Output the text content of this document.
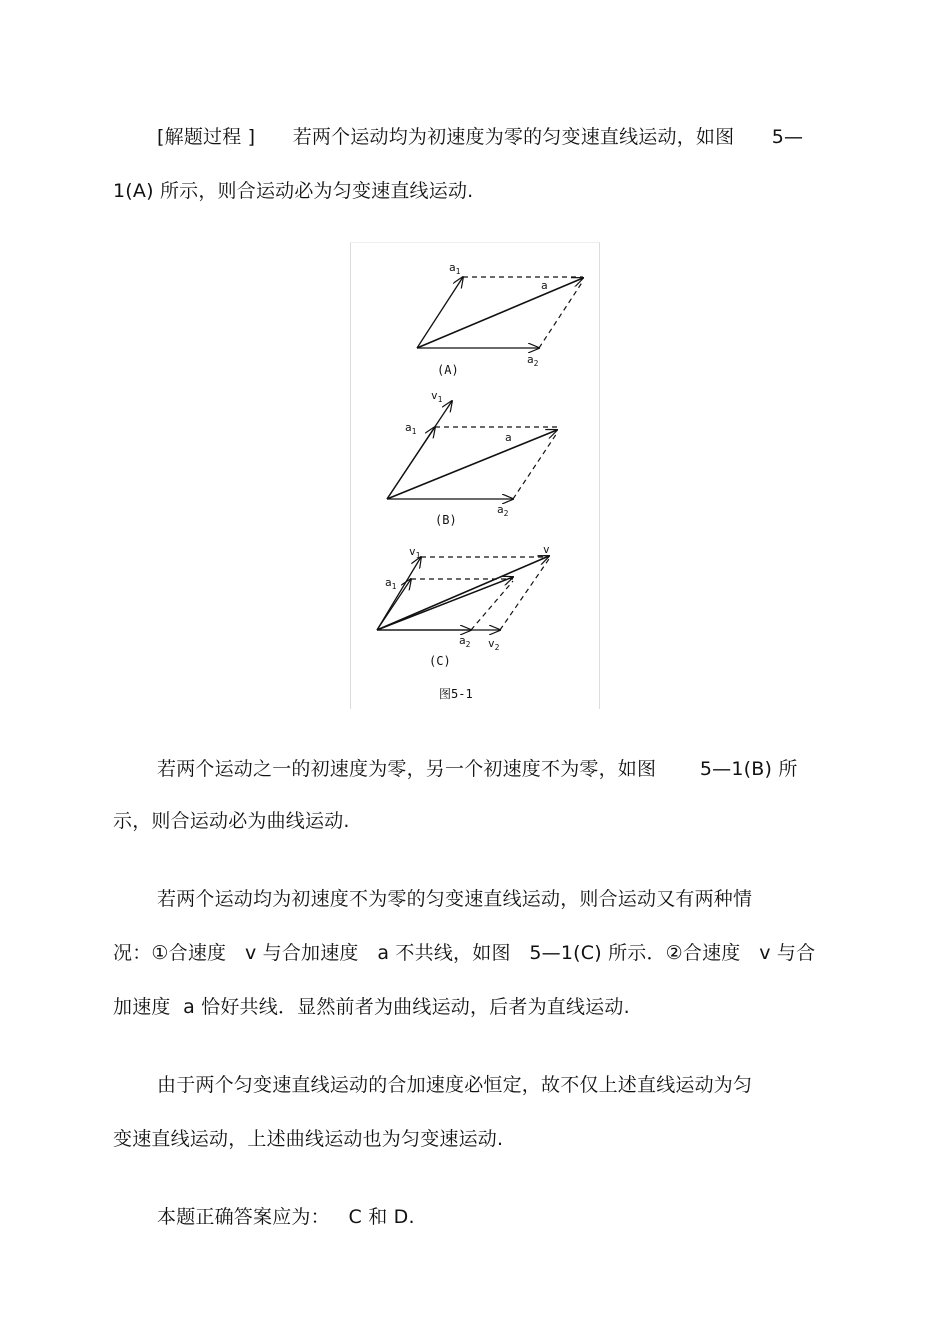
[解题过程 ]      若两个运动均为初速度为零的匀变速直线运动，如图      5—
1(A) 所示，则合运动必为匀变速直线运动.
$a_1$
a
$a_2$
(A)
$v_1$
$a_1$	a
$a_2$
(B)
$v_1$
$a_1$
v
$a_2$ $v_2$
(C)
图5-1
若两个运动之一的初速度为零，另一个初速度不为零，如图       5—1(B) 所
示，则合运动必为曲线运动.
若两个运动均为初速度不为零的匀变速直线运动，则合运动又有两种情
况：①合速度   v 与合加速度   a 不共线，如图   5—1(C) 所示．②合速度   v 与合
加速度  a 恰好共线．显然前者为曲线运动，后者为直线运动.
由于两个匀变速直线运动的合加速度必恒定，故不仅上述直线运动为匀
变速直线运动，上述曲线运动也为匀变速运动.
本题正确答案应为：   C 和 D.
